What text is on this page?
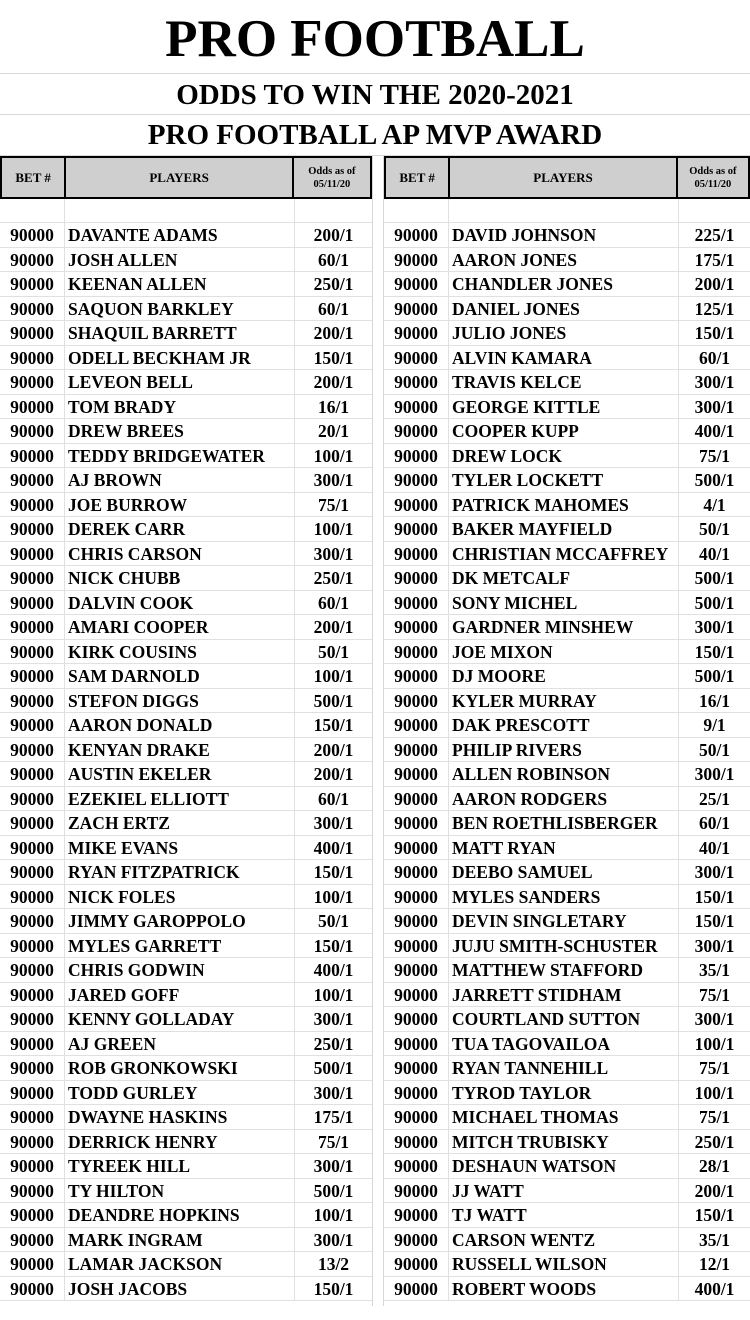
PRO FOOTBALL
ODDS TO WIN THE 2020-2021
PRO FOOTBALL AP MVP AWARD
BET #	PLAYERS	Odds as of 05/11/20
90000 DAVANTE ADAMS	200/1
90000 JOSH ALLEN	60/1
90000 KEENAN ALLEN	250/1
90000 SAQUON BARKLEY	60/1
90000 SHAQUIL BARRETT	200/1
90000 ODELL BECKHAM JR	150/1
90000 LEVEON BELL	200/1
90000 TOM BRADY	16/1
90000 DREW BREES	20/1
90000 TEDDY BRIDGEWATER	100/1
90000 AJ BROWN	300/1
90000 JOE BURROW	75/1
90000 DEREK CARR	100/1
90000 CHRIS CARSON	300/1
90000 NICK CHUBB	250/1
90000 DALVIN COOK	60/1
90000 AMARI COOPER	200/1
90000 KIRK COUSINS	50/1
90000 SAM DARNOLD	100/1
90000 STEFON DIGGS	500/1
90000 AARON DONALD	150/1
90000 KENYAN DRAKE	200/1
90000 AUSTIN EKELER	200/1
90000 EZEKIEL ELLIOTT	60/1
90000 ZACH ERTZ	300/1
90000 MIKE EVANS	400/1
90000 RYAN FITZPATRICK	150/1
90000 NICK FOLES	100/1
90000 JIMMY GAROPPOLO	50/1
90000 MYLES GARRETT	150/1
90000 CHRIS GODWIN	400/1
90000 JARED GOFF	100/1
90000 KENNY GOLLADAY	300/1
90000 AJ GREEN	250/1
90000 ROB GRONKOWSKI	500/1
90000 TODD GURLEY	300/1
90000 DWAYNE HASKINS	175/1
90000 DERRICK HENRY	75/1
90000 TYREEK HILL	300/1
90000 TY HILTON	500/1
90000 DEANDRE HOPKINS	100/1
90000 MARK INGRAM	300/1
90000 LAMAR JACKSON	13/2
90000 JOSH JACOBS	150/1
BET #	PLAYERS	Odds as of 05/11/20
90000 DAVID JOHNSON	225/1
90000 AARON JONES	175/1
90000 CHANDLER JONES	200/1
90000 DANIEL JONES	125/1
90000 JULIO JONES	150/1
90000 ALVIN KAMARA	60/1
90000 TRAVIS KELCE	300/1
90000 GEORGE KITTLE	300/1
90000 COOPER KUPP	400/1
90000 DREW LOCK	75/1
90000 TYLER LOCKETT	500/1
90000 PATRICK MAHOMES	4/1
90000 BAKER MAYFIELD	50/1
90000 CHRISTIAN MCCAFFREY	40/1
90000 DK METCALF	500/1
90000 SONY MICHEL	500/1
90000 GARDNER MINSHEW	300/1
90000 JOE MIXON	150/1
90000 DJ MOORE	500/1
90000 KYLER MURRAY	16/1
90000 DAK PRESCOTT	9/1
90000 PHILIP RIVERS	50/1
90000 ALLEN ROBINSON	300/1
90000 AARON RODGERS	25/1
90000 BEN ROETHLISBERGER	60/1
90000 MATT RYAN	40/1
90000 DEEBO SAMUEL	300/1
90000 MYLES SANDERS	150/1
90000 DEVIN SINGLETARY	150/1
90000 JUJU SMITH-SCHUSTER	300/1
90000 MATTHEW STAFFORD	35/1
90000 JARRETT STIDHAM	75/1
90000 COURTLAND SUTTON	300/1
90000 TUA TAGOVAILOA	100/1
90000 RYAN TANNEHILL	75/1
90000 TYROD TAYLOR	100/1
90000 MICHAEL THOMAS	75/1
90000 MITCH TRUBISKY	250/1
90000 DESHAUN WATSON	28/1
90000 JJ WATT	200/1
90000 TJ WATT	150/1
90000 CARSON WENTZ	35/1
90000 RUSSELL WILSON	12/1
90000 ROBERT WOODS	400/1
